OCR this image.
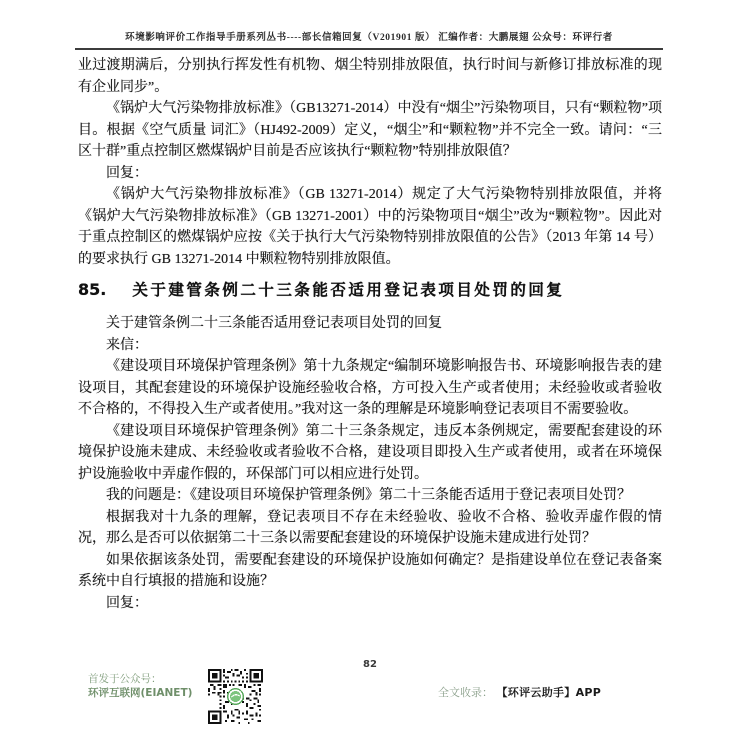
环境影响评价工作指导手册系列丛书----部长信箱回复（V201901 版） 汇编作者：大鹏展翅 公众号：环评行者

业过渡期满后，分别执行挥发性有机物、烟尘特别排放限值，执行时间与新修订排放标准的现有企业同步”。

《锅炉大气污染物排放标准》（GB13271-2014）中没有“烟尘”污染物项目，只有“颗粒物”项目。根据《空气质量 词汇》（HJ492-2009）定义，“烟尘”和“颗粒物”并不完全一致。请问：“三区十群”重点控制区燃煤锅炉目前是否应该执行“颗粒物”特别排放限值？

回复：

《锅炉大气污染物排放标准》（GB 13271-2014）规定了大气污染物特别排放限值，并将《锅炉大气污染物排放标准》（GB 13271-2001）中的污染物项目“烟尘”改为“颗粒物”。因此对于重点控制区的燃煤锅炉应按《关于执行大气污染物特别排放限值的公告》（2013 年第 14 号）的要求执行 GB 13271-2014 中颗粒物特别排放限值。

85. 关于建管条例二十三条能否适用登记表项目处罚的回复

关于建管条例二十三条能否适用登记表项目处罚的回复

来信：

《建设项目环境保护管理条例》第十九条规定“编制环境影响报告书、环境影响报告表的建设项目，其配套建设的环境保护设施经验收合格，方可投入生产或者使用；未经验收或者验收不合格的，不得投入生产或者使用。”我对这一条的理解是环境影响登记表项目不需要验收。

《建设项目环境保护管理条例》第二十三条条规定，违反本条例规定，需要配套建设的环境保护设施未建成、未经验收或者验收不合格，建设项目即投入生产或者使用，或者在环境保护设施验收中弄虚作假的，环保部门可以相应进行处罚。

我的问题是：《建设项目环境保护管理条例》第二十三条能否适用于登记表项目处罚？

根据我对十九条的理解，登记表项目不存在未经验收、验收不合格、验收弄虚作假的情况，那么是否可以依据第二十三条以需要配套建设的环境保护设施未建成进行处罚？

如果依据该条处罚，需要配套建设的环境保护设施如何确定？是指建设单位在登记表备案系统中自行填报的措施和设施？

回复：

82
首发于公众号：
环评互联网(EIANET)	全文收录： 【环评云助手】APP
